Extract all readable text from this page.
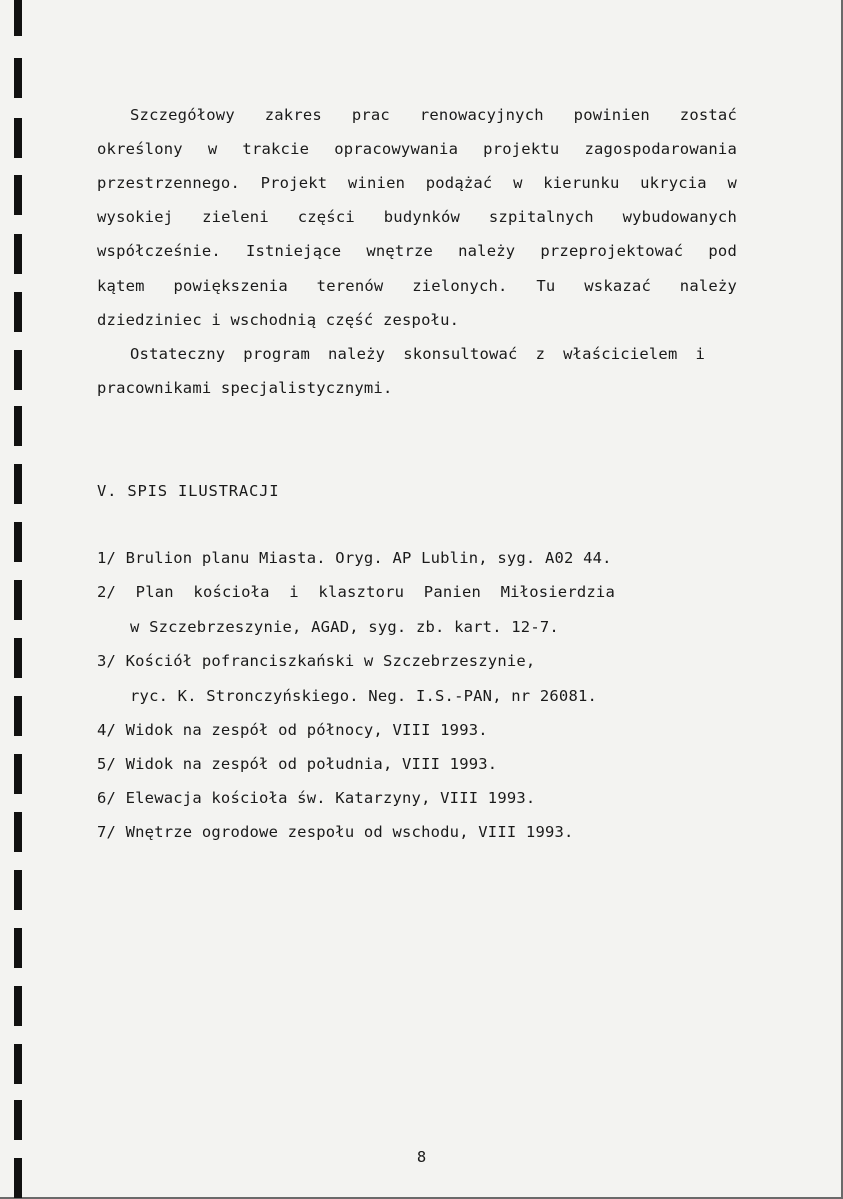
Szczegółowy zakres prac renowacyjnych powinien zostać
określony w trakcie opracowywania projektu zagospodarowania
przestrzennego. Projekt winien podążać w kierunku ukrycia w
wysokiej zieleni części budynków szpitalnych wybudowanych
współcześnie. Istniejące wnętrze należy przeprojektować pod
kątem powiększenia terenów zielonych. Tu wskazać należy
dziedziniec i wschodnią część zespołu.
Ostateczny program należy skonsultować z właścicielem i
pracownikami specjalistycznymi.
V. SPIS ILUSTRACJI
1/ Brulion planu Miasta. Oryg. AP Lublin, syg. A02 44.
2/ Plan kościoła i klasztoru Panien Miłosierdzia
w Szczebrzeszynie, AGAD, syg. zb. kart. 12-7.
3/ Kościół pofranciszkański w Szczebrzeszynie,
ryc. K. Stronczyńskiego. Neg. I.S.-PAN, nr 26081.
4/ Widok na zespół od północy, VIII 1993.
5/ Widok na zespół od południa, VIII 1993.
6/ Elewacja kościoła św. Katarzyny, VIII 1993.
7/ Wnętrze ogrodowe zespołu od wschodu, VIII 1993.
8
